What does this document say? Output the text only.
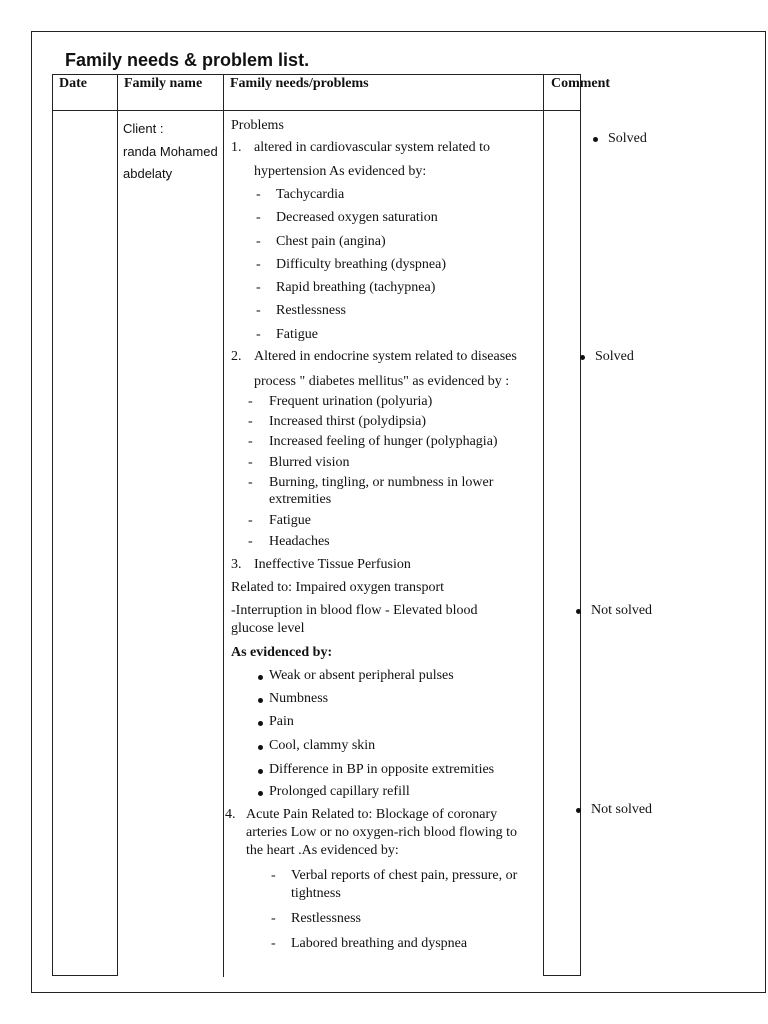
Family needs & problem list.
Date	Family name Family needs/problems	Comment
Client :
randa Mohamed
abdelaty
Problems
1. altered in cardiovascular system related to
hypertension As evidenced by:
- Tachycardia
- Decreased oxygen saturation
- Chest pain (angina)
- Difficulty breathing (dyspnea)
- Rapid breathing (tachypnea)
- Restlessness
- Fatigue
2. Altered in endocrine system related to diseases
process " diabetes mellitus" as evidenced by :
- Frequent urination (polyuria)
- Increased thirst (polydipsia)
- Increased feeling of hunger (polyphagia)
- Blurred vision
- Burning, tingling, or numbness in lower
extremities
- Fatigue
- Headaches
3. Ineffective Tissue Perfusion
Related to: Impaired oxygen transport
-Interruption in blood flow - Elevated blood
glucose level
As evidenced by:
Weak or absent peripheral pulses
Numbness
Pain
Cool, clammy skin
Difference in BP in opposite extremities
Prolonged capillary refill
4. Acute Pain Related to: Blockage of coronary
arteries Low or no oxygen-rich blood flowing to
the heart .As evidenced by:
- Verbal reports of chest pain, pressure, or
tightness
- Restlessness
- Labored breathing and dyspnea
Solved
Solved
Not solved
Not solved
